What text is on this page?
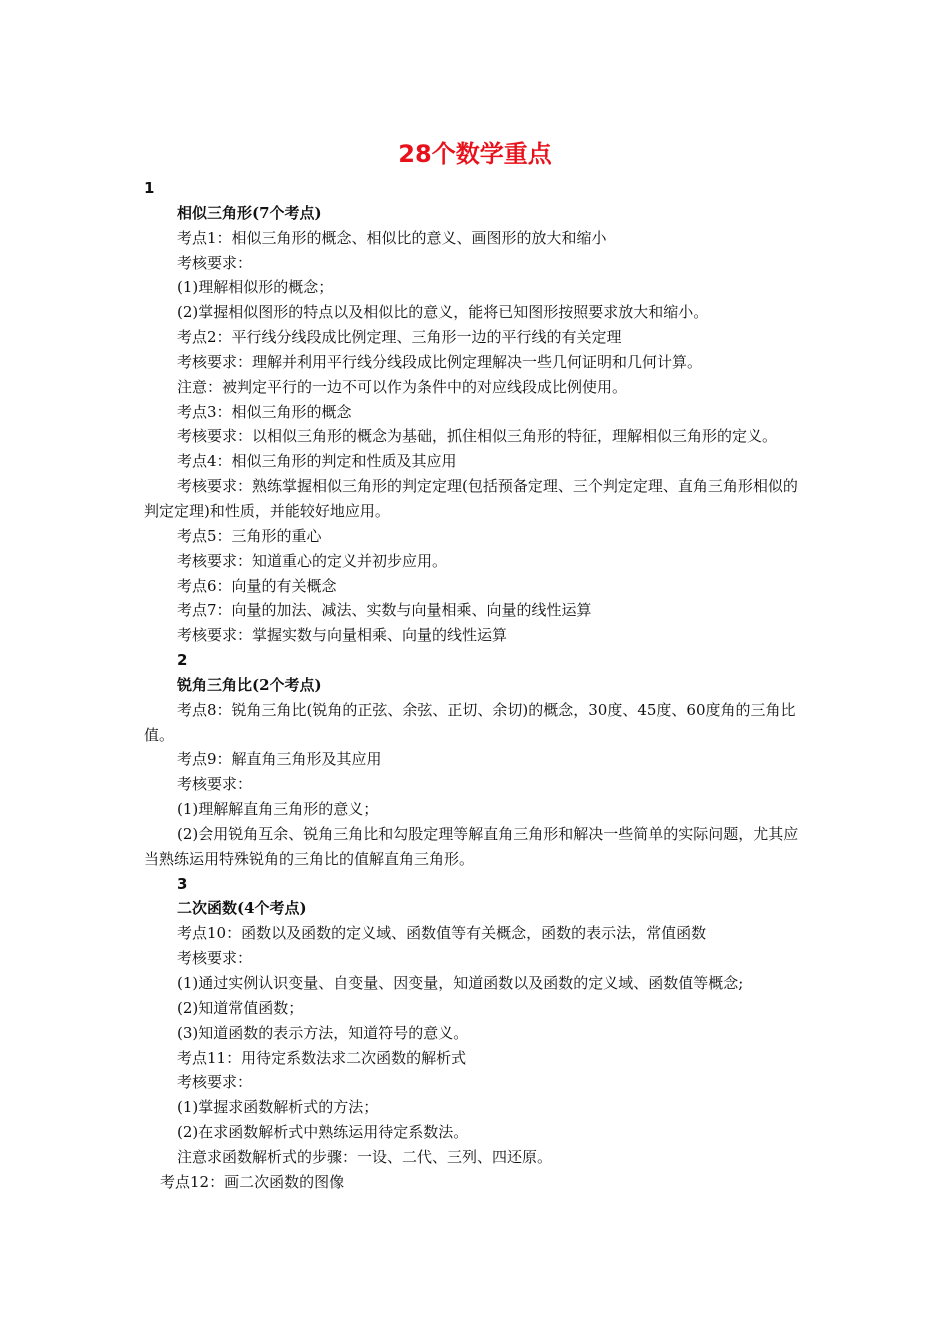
28个数学重点
1
相似三角形(7个考点)
考点1：相似三角形的概念、相似比的意义、画图形的放大和缩小
考核要求：
(1)理解相似形的概念；
(2)掌握相似图形的特点以及相似比的意义，能将已知图形按照要求放大和缩小。
考点2：平行线分线段成比例定理、三角形一边的平行线的有关定理
考核要求：理解并利用平行线分线段成比例定理解决一些几何证明和几何计算。
注意：被判定平行的一边不可以作为条件中的对应线段成比例使用。
考点3：相似三角形的概念
考核要求：以相似三角形的概念为基础，抓住相似三角形的特征，理解相似三角形的定义。
考点4：相似三角形的判定和性质及其应用
考核要求：熟练掌握相似三角形的判定定理(包括预备定理、三个判定定理、直角三角形相似的判定定理)和性质，并能较好地应用。
考点5：三角形的重心
考核要求：知道重心的定义并初步应用。
考点6：向量的有关概念
考点7：向量的加法、减法、实数与向量相乘、向量的线性运算
考核要求：掌握实数与向量相乘、向量的线性运算
2
锐角三角比(2个考点)
考点8：锐角三角比(锐角的正弦、余弦、正切、余切)的概念，30度、45度、60度角的三角比值。
考点9：解直角三角形及其应用
考核要求：
(1)理解解直角三角形的意义；
(2)会用锐角互余、锐角三角比和勾股定理等解直角三角形和解决一些简单的实际问题，尤其应当熟练运用特殊锐角的三角比的值解直角三角形。
3
二次函数(4个考点)
考点10：函数以及函数的定义域、函数值等有关概念，函数的表示法，常值函数
考核要求：
(1)通过实例认识变量、自变量、因变量，知道函数以及函数的定义域、函数值等概念;
(2)知道常值函数；
(3)知道函数的表示方法，知道符号的意义。
考点11：用待定系数法求二次函数的解析式
考核要求：
(1)掌握求函数解析式的方法；
(2)在求函数解析式中熟练运用待定系数法。
注意求函数解析式的步骤：一设、二代、三列、四还原。
考点12：画二次函数的图像
